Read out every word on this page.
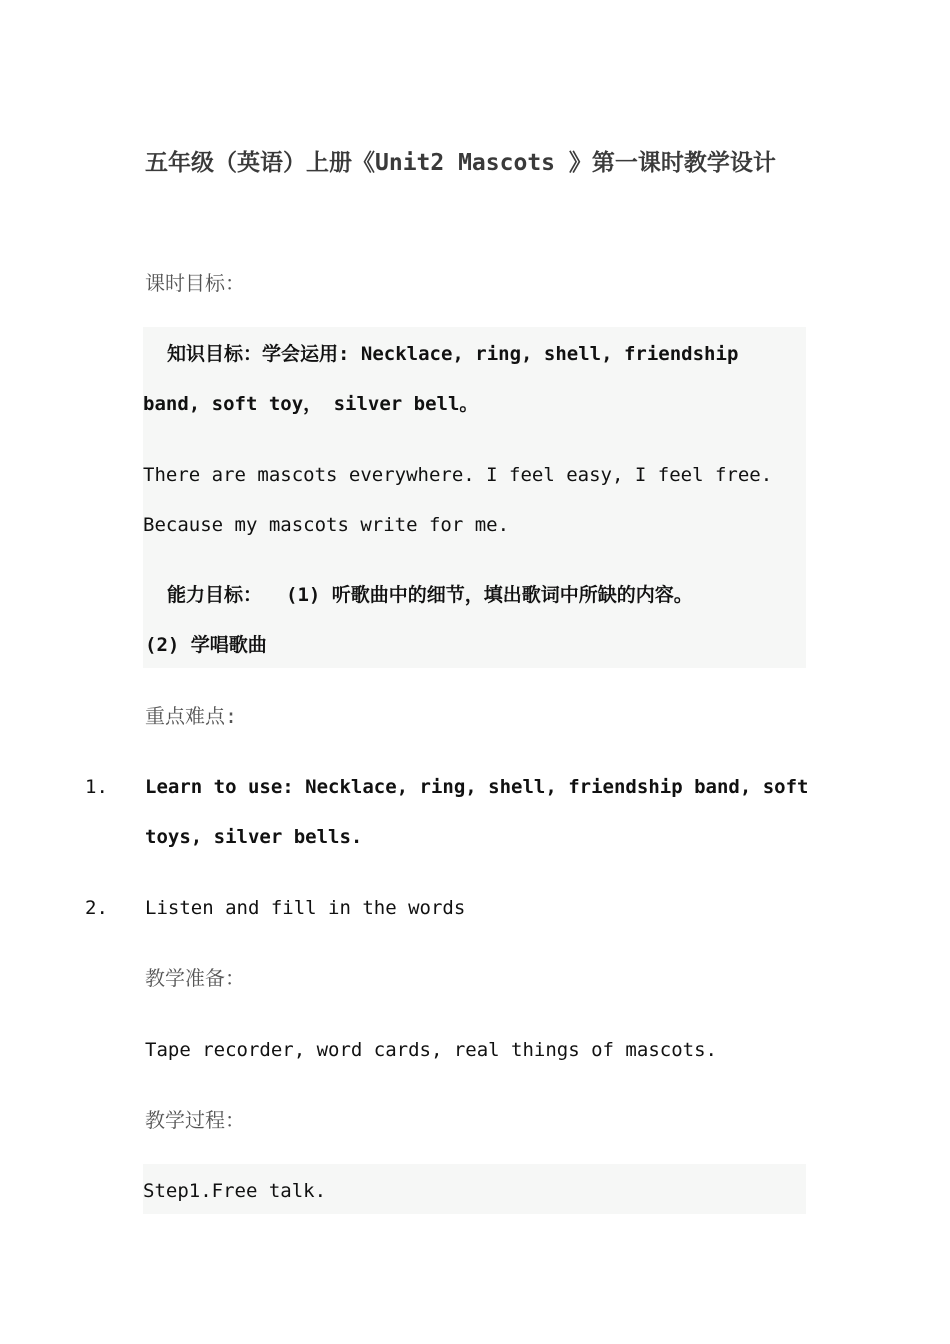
五年级（英语）上册《Unit2 Mascots 》第一课时教学设计

课时目标：

知识目标：学会运用: Necklace, ring, shell, friendship

band, soft toy， silver bell。

There are mascots everywhere. I feel easy, I feel free.

Because my mascots write for me.

能力目标： (1) 听歌曲中的细节，填出歌词中所缺的内容。

(2) 学唱歌曲

重点难点:

1. Learn to use: Necklace, ring, shell, friendship band, soft toys, silver bells.
2. Listen and fill in the words

教学准备：

Tape recorder, word cards, real things of mascots.

教学过程：

Step1.Free talk.
